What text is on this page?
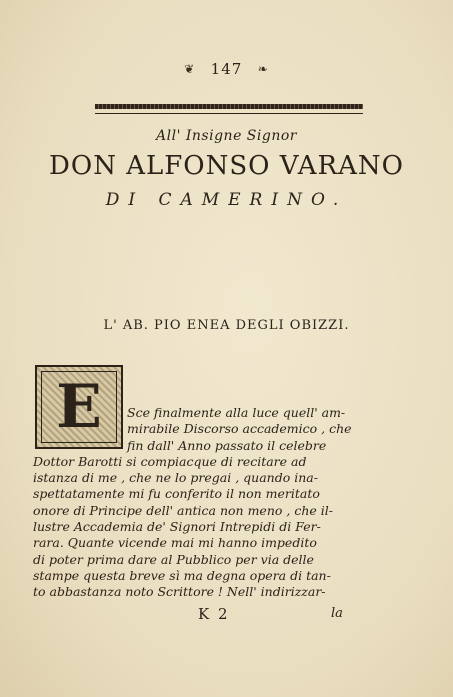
❦ 147 ❧
All' Insigne Signor
DON ALFONSO VARANO
DI CAMERINO.
L' AB. PIO ENEA DEGLI OBIZZI.
E	Sce finalmente alla luce quell' am-
mirabile Discorso accademico , che
fin dall' Anno passato il celebre
Dottor Barotti si compiacque di recitare ad
istanza di me , che ne lo pregai , quando ina-
spettatamente mi fu conferito il non meritato
onore di Principe dell' antica non meno , che il-
lustre Accademia de' Signori Intrepidi di Fer-
rara. Quante vicende mai mi hanno impedito
di poter prima dare al Pubblico per via delle
stampe questa breve sì ma degna opera di tan-
to abbastanza noto Scrittore ! Nell' indirizzar-
K 2	la
